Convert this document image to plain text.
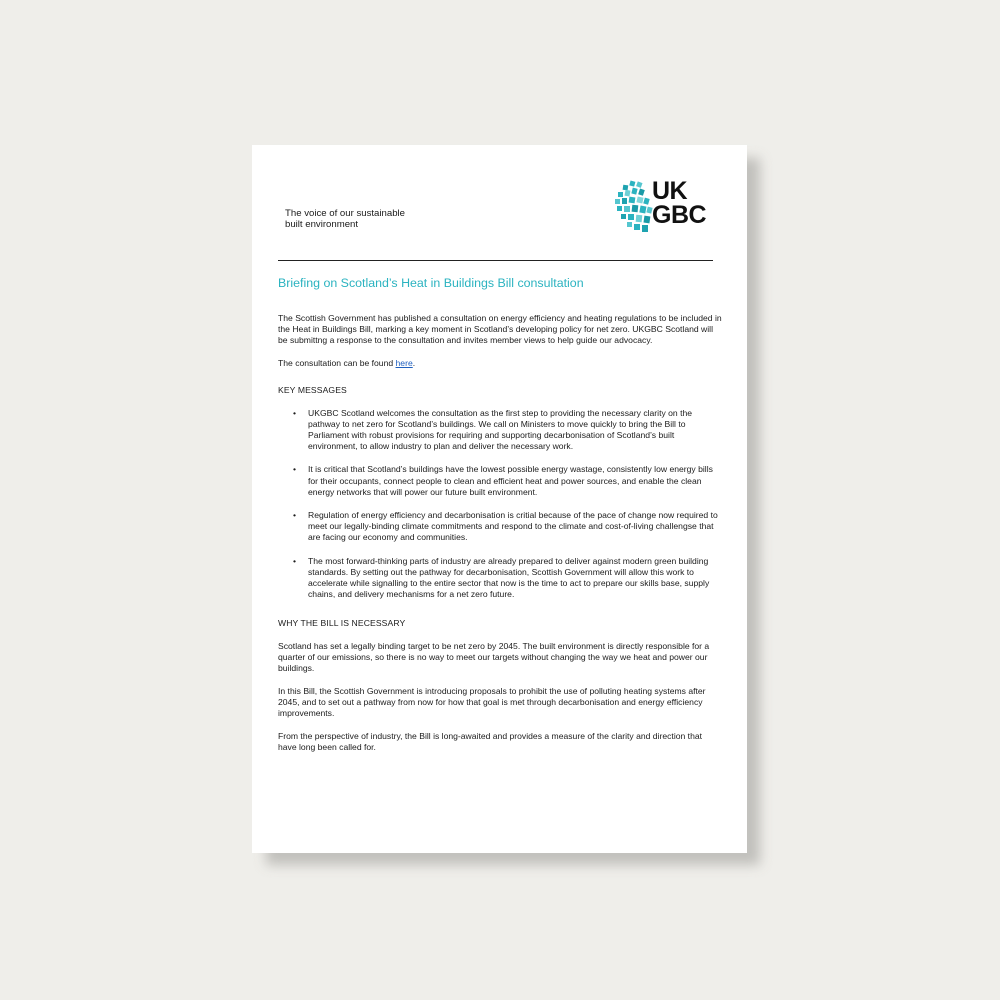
The voice of our sustainable
built environment
UK
GBC
Briefing on Scotland’s Heat in Buildings Bill consultation

The Scottish Government has published a consultation on energy efficiency and heating regulations to be included in the Heat in Buildings Bill, marking a key moment in Scotland’s developing policy for net zero. UKGBC Scotland will be submittng a response to the consultation and invites member views to help guide our advocacy.

The consultation can be found here.

KEY MESSAGES
• UKGBC Scotland welcomes the consultation as the first step to providing the necessary clarity on the pathway to net zero for Scotland’s buildings. We call on Ministers to move quickly to bring the Bill to Parliament with robust provisions for requiring and supporting decarbonisation of Scotland’s built environment, to allow industry to plan and deliver the necessary work.
• It is critical that Scotland’s buildings have the lowest possible energy wastage, consistently low energy bills for their occupants, connect people to clean and efficient heat and power sources, and enable the clean energy networks that will power our future built environment.
• Regulation of energy efficiency and decarbonisation is critial because of the pace of change now required to meet our legally-binding climate commitments and respond to the climate and cost-of-living challengse that are facing our economy and communities.
• The most forward-thinking parts of industry are already prepared to deliver against modern green building standards. By setting out the pathway for decarbonisation, Scottish Government will allow this work to accelerate while signalling to the entire sector that now is the time to act to prepare our skills base, supply chains, and delivery mechanisms for a net zero future.
WHY THE BILL IS NECESSARY

Scotland has set a legally binding target to be net zero by 2045. The built environment is directly responsible for a quarter of our emissions, so there is no way to meet our targets without changing the way we heat and power our buildings.

In this Bill, the Scottish Government is introducing proposals to prohibit the use of polluting heating systems after 2045, and to set out a pathway from now for how that goal is met through decarbonisation and energy efficiency improvements.

From the perspective of industry, the Bill is long-awaited and provides a measure of the clarity and direction that have long been called for.
